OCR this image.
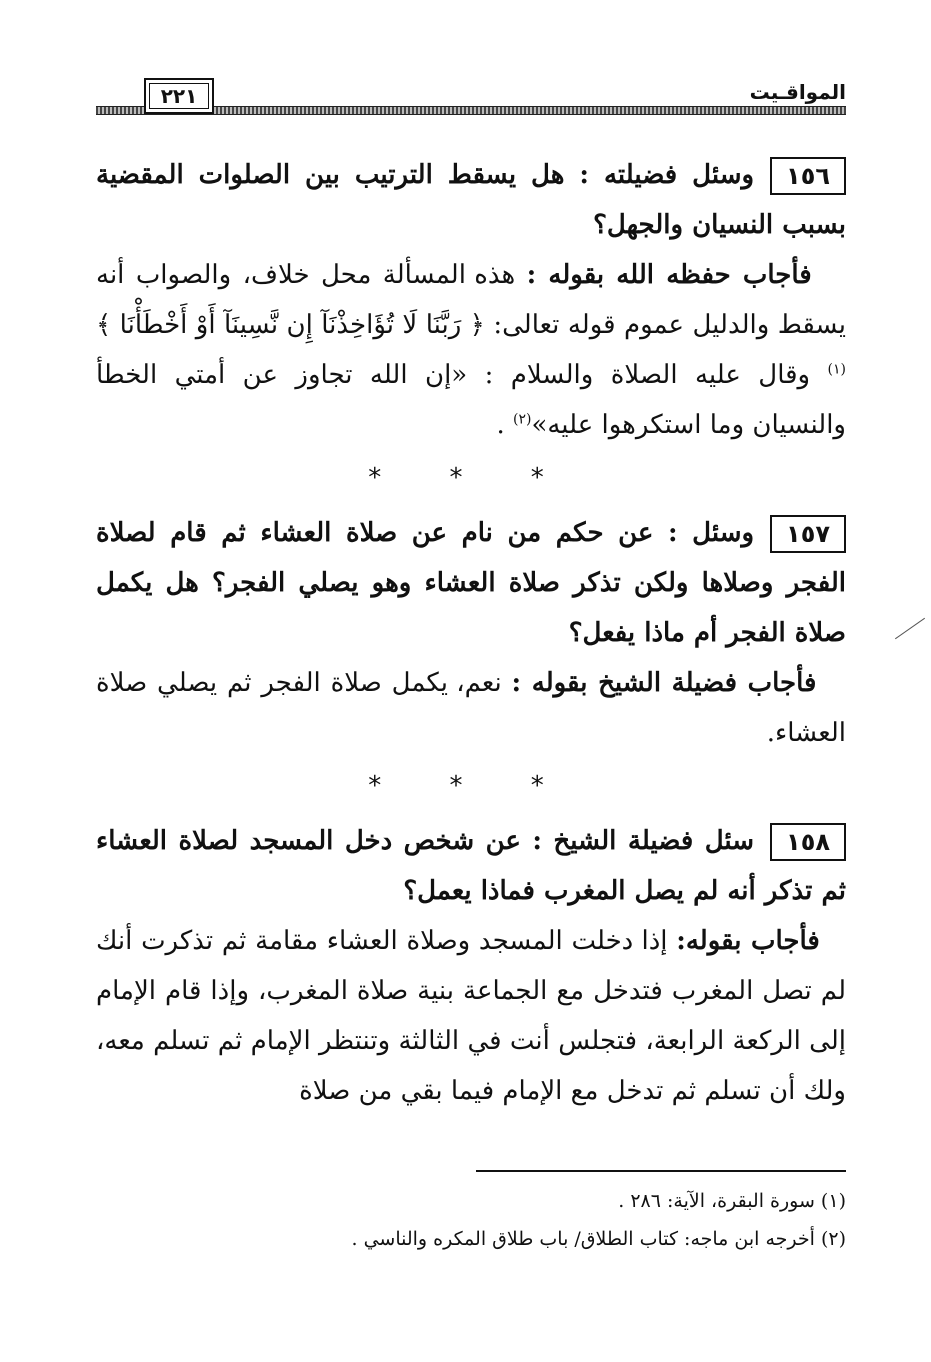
المواقـيت
٢٢١

١٥٦وسئل فضيلته : هل يسقط الترتيب بين الصلوات المقضية بسبب النسيان والجهل؟

فأجاب حفظه الله بقوله : هذه المسألة محل خلاف، والصواب أنه يسقط والدليل عموم قوله تعالى: ﴿ رَبَّنَا لَا تُؤَاخِذْنَآ إِن نَّسِينَآ أَوْ أَخْطَأْنَا ﴾$^{(١)}$ وقال عليه الصلاة والسلام : «إن الله تجاوز عن أمتي الخطأ والنسيان وما استكرهوا عليه»$^{(٢)}$ .

* * *

١٥٧وسئل : عن حكم من نام عن صلاة العشاء ثم قام لصلاة الفجر وصلاها ولكن تذكر صلاة العشاء وهو يصلي الفجر؟ هل يكمل صلاة الفجر أم ماذا يفعل؟

فأجاب فضيلة الشيخ بقوله : نعم، يكمل صلاة الفجر ثم يصلي صلاة العشاء.

* * *

١٥٨سئل فضيلة الشيخ : عن شخص دخل المسجد لصلاة العشاء ثم تذكر أنه لم يصل المغرب فماذا يعمل؟

فأجاب بقوله: إذا دخلت المسجد وصلاة العشاء مقامة ثم تذكرت أنك لم تصل المغرب فتدخل مع الجماعة بنية صلاة المغرب، وإذا قام الإمام إلى الركعة الرابعة، فتجلس أنت في الثالثة وتنتظر الإمام ثم تسلم معه، ولك أن تسلم ثم تدخل مع الإمام فيما بقي من صلاة

(١) سورة البقرة، الآية: ٢٨٦ .

(٢) أخرجه ابن ماجه: كتاب الطلاق/ باب طلاق المكره والناسي .
